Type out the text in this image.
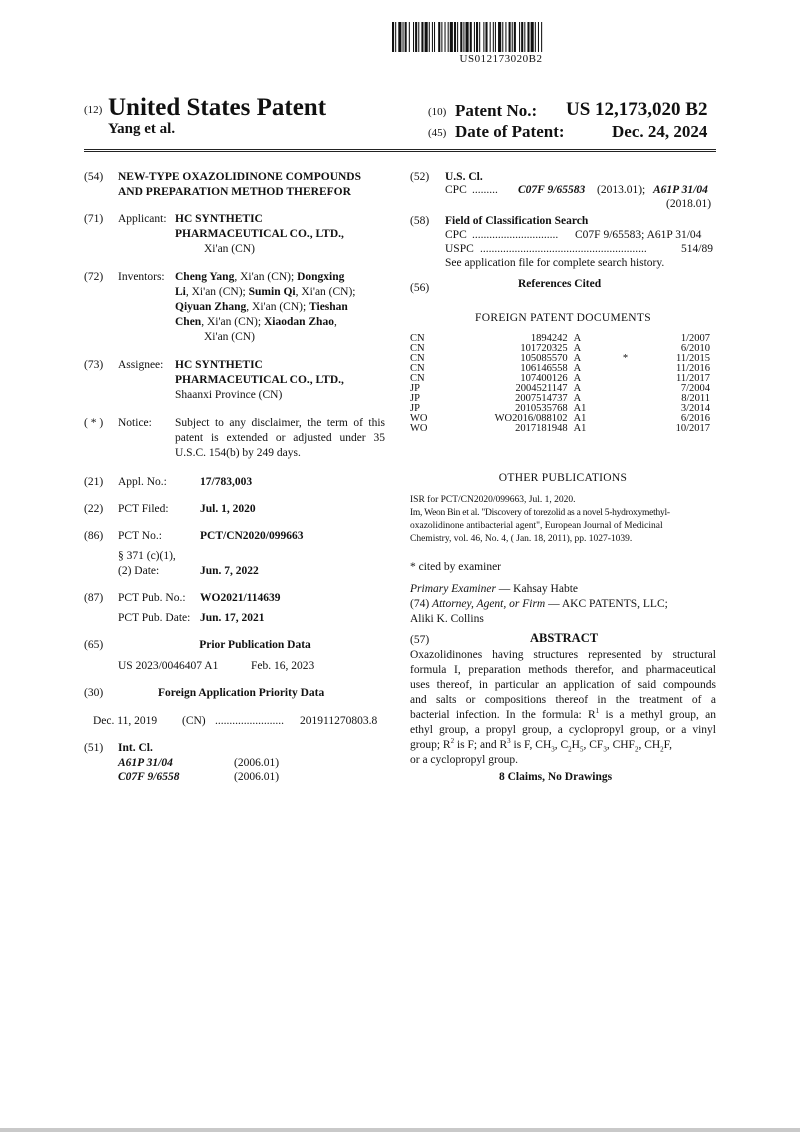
US012173020B2
(12) United States Patent
Yang et al.
(10) Patent No.: US 12,173,020 B2
(45) Date of Patent:	Dec. 24, 2024
(54) NEW-TYPE OXAZOLIDINONE COMPOUNDS
AND PREPARATION METHOD THEREFOR
(71) Applicant: HC SYNTHETIC
PHARMACEUTICAL CO., LTD.,
Xi'an (CN)
(72) Inventors: Cheng Yang, Xi'an (CN); Dongxing
Li, Xi'an (CN); Sumin Qi, Xi'an (CN);
Qiyuan Zhang, Xi'an (CN); Tieshan
Chen, Xi'an (CN); Xiaodan Zhao,
Xi'an (CN)
(73) Assignee: HC SYNTHETIC
PHARMACEUTICAL CO., LTD.,
Shaanxi Province (CN)
( * ) Notice: Subject to any disclaimer, the term of this
patent is extended or adjusted under 35
U.S.C. 154(b) by 249 days.
(21) Appl. No.:	17/783,003
(22) PCT Filed:	Jul. 1, 2020
(86) PCT No.:	PCT/CN2020/099663
§ 371 (c)(1),
(2) Date:	Jun. 7, 2022
(87) PCT Pub. No.: WO2021/114639
PCT Pub. Date: Jun. 17, 2021
(65)	Prior Publication Data
US 2023/0046407 A1	Feb. 16, 2023
(30)	Foreign Application Priority Data
Dec. 11, 2019 (CN) ........................ 201911270803.8
(51) Int. Cl.
A61P 31/04	(2006.01)
C07F 9/6558	(2006.01)
(52) U.S. Cl.
CPC ......... C07F 9/65583 (2013.01); A61P 31/04
(2018.01)
(58) Field of Classification Search
CPC .............................. C07F 9/65583; A61P 31/04
USPC ..........................................................	514/89
See application file for complete search history.
(56)	References Cited
FOREIGN PATENT DOCUMENTS
CN	1894242	A		1/2007
CN	101720325	A		6/2010
CN	105085570	A	*	11/2015
CN	106146558	A		11/2016
CN	107400126	A		11/2017
JP	2004521147	A		7/2004
JP	2007514737	A		8/2011
JP	2010535768	A1		3/2014
WO	WO2016/088102	A1		6/2016
WO	2017181948	A1		10/2017
OTHER PUBLICATIONS
ISR for PCT/CN2020/099663, Jul. 1, 2020.
Im, Weon Bin et al. "Discovery of torezolid as a novel 5-hydroxymethyl-
oxazolidinone antibacterial agent", European Journal of Medicinal
Chemistry, vol. 46, No. 4, ( Jan. 18, 2011), pp. 1027-1039.
* cited by examiner
Primary Examiner — Kahsay Habte
(74) Attorney, Agent, or Firm — AKC PATENTS, LLC;
Aliki K. Collins
(57)	ABSTRACT
Oxazolidinones having structures represented by structural
formula I, preparation methods therefor, and pharmaceutical
uses thereof, in particular an application of said compounds
and salts or compositions thereof in the treatment of a
bacterial infection. In the formula: $R^1$ is a methyl group, an
ethyl group, a propyl group, a cyclopropyl group, or a vinyl
group; $R^2$ is F; and $R^3$ is F, $CH_3$, $C_2H_5$, $CF_3$, $CHF_2$, $CH_2F$,
or a cyclopropyl group.
8 Claims, No Drawings
